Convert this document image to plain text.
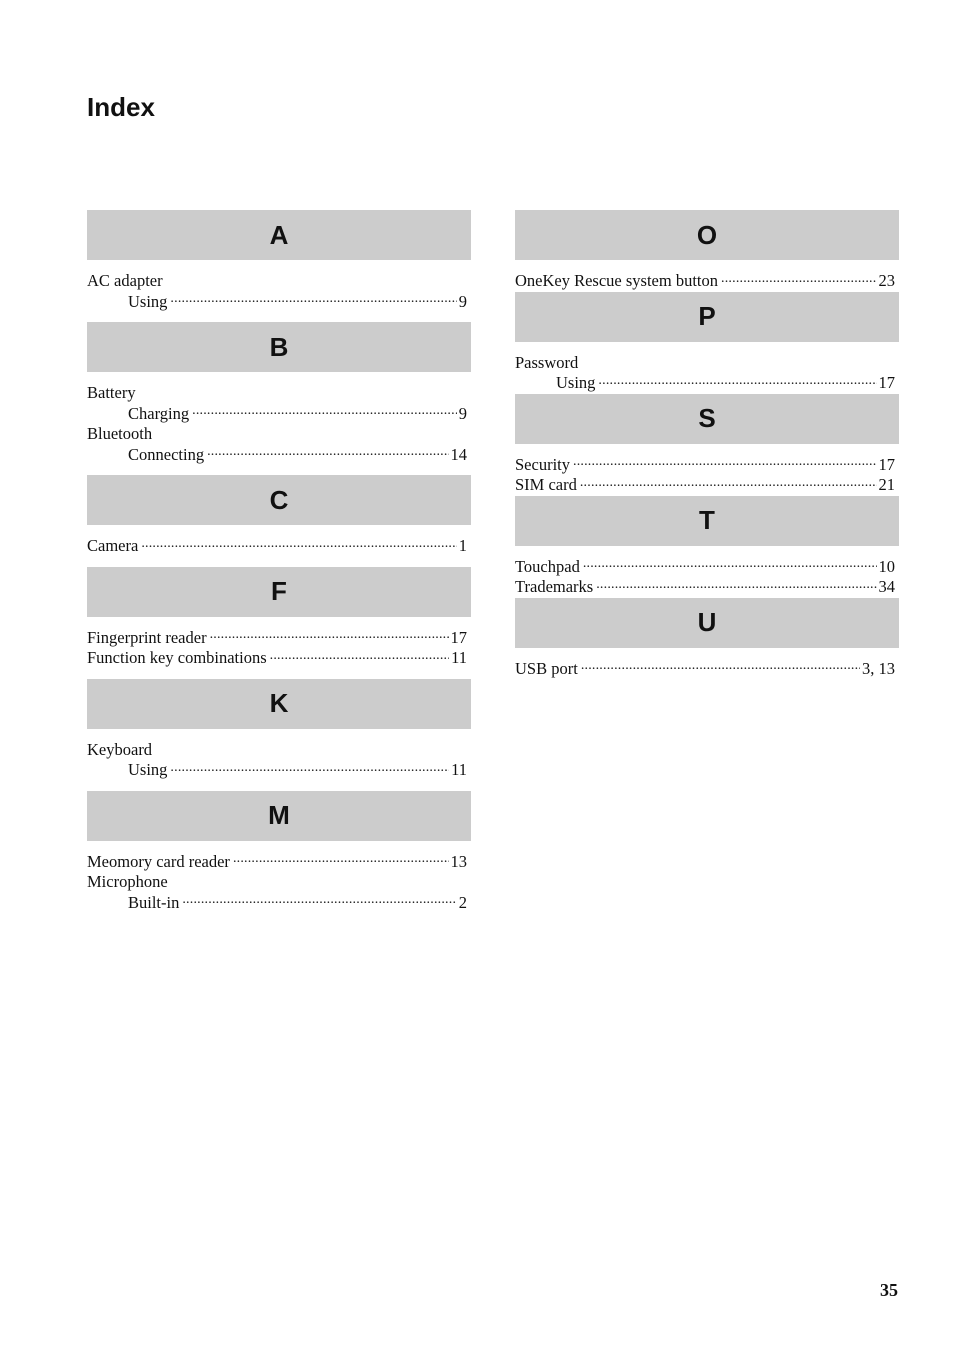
Index
A
AC adapter
Using .....	9
B
Battery
Charging .....	9
Bluetooth
Connecting .....	14
C
Camera .....	1
F
Fingerprint reader .....	17
Function key combinations .....	11
K
Keyboard
Using .....	11
M
Meomory card reader .....	13
Microphone
Built-in .....	2
O
OneKey Rescue system button .....	23
P
Password
Using .....	17
S
Security .....	17
SIM card .....	21
T
Touchpad .....	10
Trademarks .....	34
U
USB port .....	3, 13
35
